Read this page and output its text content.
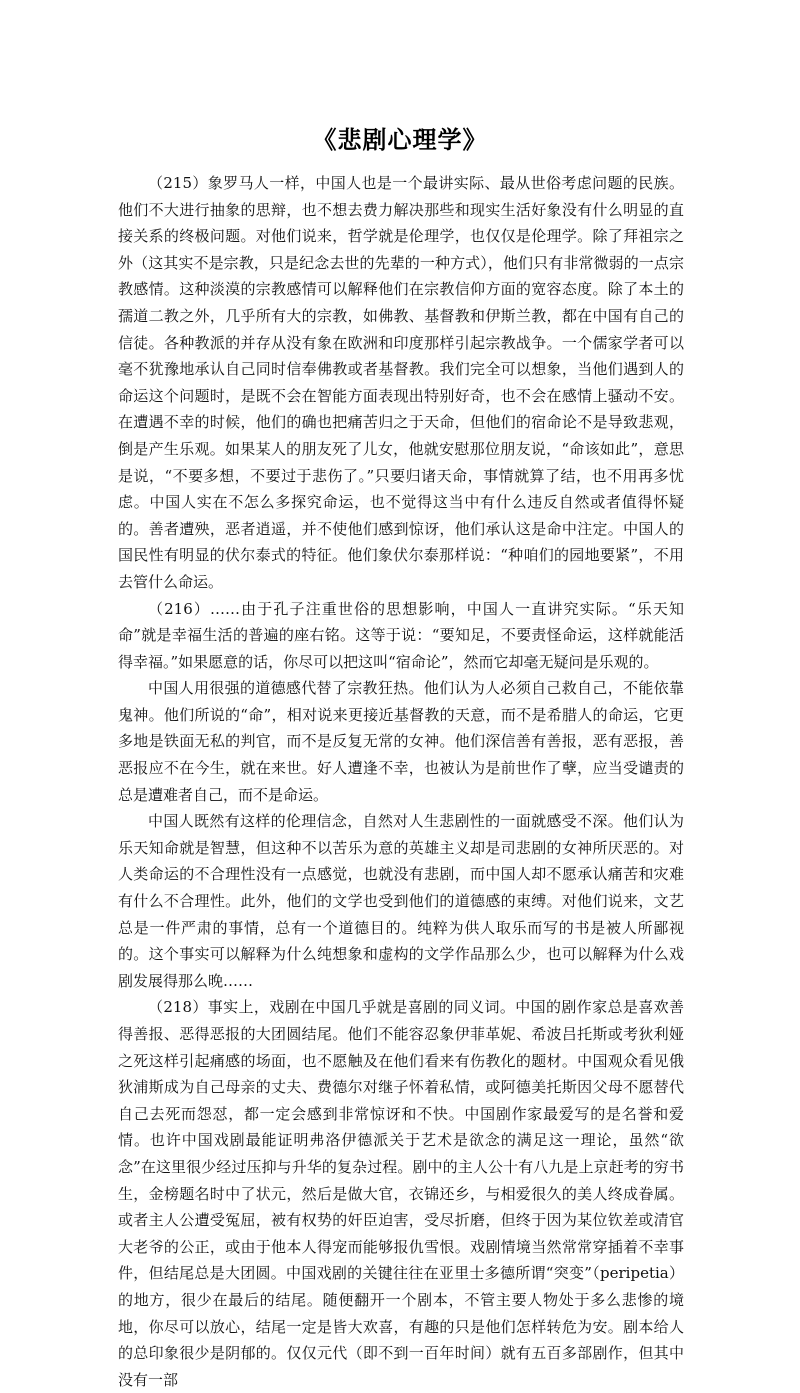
《悲剧心理学》

（215）象罗马人一样，中国人也是一个最讲实际、最从世俗考虑问题的民族。他们不大进行抽象的思辩，也不想去费力解决那些和现实生活好象没有什么明显的直接关系的终极问题。对他们说来，哲学就是伦理学，也仅仅是伦理学。除了拜祖宗之外（这其实不是宗教，只是纪念去世的先辈的一种方式），他们只有非常微弱的一点宗教感情。这种淡漠的宗教感情可以解释他们在宗教信仰方面的宽容态度。除了本土的孺道二教之外，几乎所有大的宗教，如佛教、基督教和伊斯兰教，都在中国有自己的信徒。各种教派的并存从没有象在欧洲和印度那样引起宗教战争。一个儒家学者可以毫不犹豫地承认自己同时信奉佛教或者基督教。我们完全可以想象，当他们遇到人的命运这个问题时，是既不会在智能方面表现出特别好奇，也不会在感情上骚动不安。在遭遇不幸的时候，他们的确也把痛苦归之于天命，但他们的宿命论不是导致悲观，倒是产生乐观。如果某人的朋友死了儿女，他就安慰那位朋友说，“命该如此”，意思是说，“不要多想，不要过于悲伤了。”只要归诸天命，事情就算了结，也不用再多忧虑。中国人实在不怎么多探究命运，也不觉得这当中有什么违反自然或者值得怀疑的。善者遭殃，恶者逍遥，并不使他们感到惊讶，他们承认这是命中注定。中国人的国民性有明显的伏尔泰式的特征。他们象伏尔泰那样说：“种咱们的园地要紧”，不用去管什么命运。

（216）……由于孔子注重世俗的思想影响，中国人一直讲究实际。“乐天知命”就是幸福生活的普遍的座右铭。这等于说：“要知足，不要责怪命运，这样就能活得幸福。”如果愿意的话，你尽可以把这叫“宿命论”，然而它却毫无疑问是乐观的。

中国人用很强的道德感代替了宗教狂热。他们认为人必须自己救自己，不能依靠鬼神。他们所说的“命”，相对说来更接近基督教的天意，而不是希腊人的命运，它更多地是铁面无私的判官，而不是反复无常的女神。他们深信善有善报，恶有恶报，善恶报应不在今生，就在来世。好人遭逢不幸，也被认为是前世作了孽，应当受谴责的总是遭难者自己，而不是命运。

中国人既然有这样的伦理信念，自然对人生悲剧性的一面就感受不深。他们认为乐天知命就是智慧，但这种不以苦乐为意的英雄主义却是司悲剧的女神所厌恶的。对人类命运的不合理性没有一点感觉，也就没有悲剧，而中国人却不愿承认痛苦和灾难有什么不合理性。此外，他们的文学也受到他们的道德感的束缚。对他们说来，文艺总是一件严肃的事情，总有一个道德目的。纯粹为供人取乐而写的书是被人所鄙视的。这个事实可以解释为什么纯想象和虚构的文学作品那么少，也可以解释为什么戏剧发展得那么晚……

（218）事实上，戏剧在中国几乎就是喜剧的同义词。中国的剧作家总是喜欢善得善报、恶得恶报的大团圆结尾。他们不能容忍象伊菲革妮、希波吕托斯或考狄利娅之死这样引起痛感的场面，也不愿触及在他们看来有伤教化的题材。中国观众看见俄狄浦斯成为自己母亲的丈夫、费德尔对继子怀着私情，或阿德美托斯因父母不愿替代自己去死而怨怼，都一定会感到非常惊讶和不快。中国剧作家最爱写的是名誉和爱情。也许中国戏剧最能证明弗洛伊德派关于艺术是欲念的满足这一理论，虽然“欲念”在这里很少经过压抑与升华的复杂过程。剧中的主人公十有八九是上京赶考的穷书生，金榜题名时中了状元，然后是做大官，衣锦还乡，与相爱很久的美人终成眷属。或者主人公遭受冤屈，被有权势的奸臣迫害，受尽折磨，但终于因为某位钦差或清官大老爷的公正，或由于他本人得宠而能够报仇雪恨。戏剧情境当然常常穿插着不幸事件，但结尾总是大团圆。中国戏剧的关键往往在亚里士多德所谓“突变”（peripetia）的地方，很少在最后的结尾。随便翻开一个剧本，不管主要人物处于多么悲惨的境地，你尽可以放心，结尾一定是皆大欢喜，有趣的只是他们怎样转危为安。剧本给人的总印象很少是阴郁的。仅仅元代（即不到一百年时间）就有五百多部剧作，但其中没有一部
